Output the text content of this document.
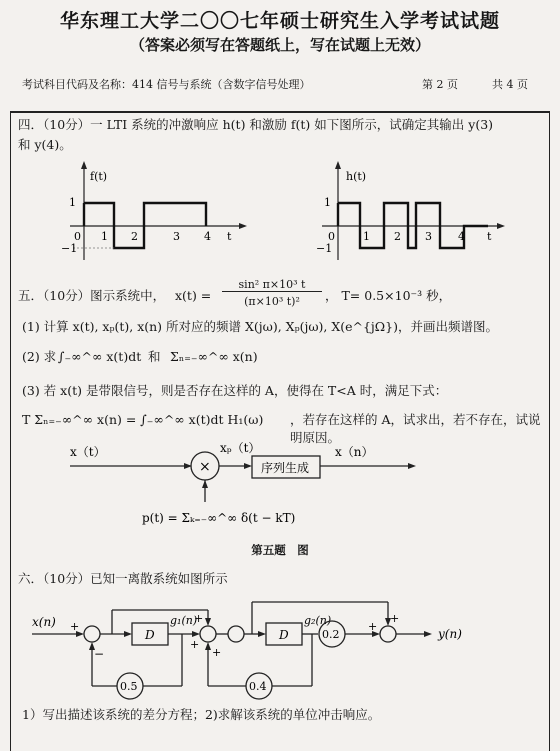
华东理工大学二〇〇七年硕士研究生入学考试试题
（答案必须写在答题纸上，写在试题上无效）
考试科目代码及名称：414 信号与系统（含数字信号处理）	第 2 页	共 4 页
四．（10分）一 LTI 系统的冲激响应 h(t) 和激励 f(t) 如下图所示，试确定其输出 y(3)
和 y(4)。
f(t)
1
−1
0 1 2	3 4 t
h(t)
1
−1
0	1 2 3 4 t
五．（10分）图示系统中， x(t) =
sin² π×10³ t
(π×10³ t)²	， T= 0.5×10⁻³ 秒，
(1) 计算 x(t), xₚ(t), x(n) 所对应的频谱 X(jω), Xₚ(jω), X(e^{jΩ})，并画出频谱图。
(2) 求 ∫₋∞^∞ x(t)dt 和 Σₙ₌₋∞^∞ x(n)
(3) 若 x(t) 是带限信号，则是否存在这样的 A，使得在 T<A 时，满足下式：
T Σₙ₌₋∞^∞ x(n) = ∫₋∞^∞ x(t)dt H₁(ω) ，若存在这样的 A，试求出，若不存在，试说明原因。
x（t）
×
xₚ（t）
序列生成
x（n）
p(t) = Σₖ₌₋∞^∞ δ(t − kT)
第五题　图
六．（10分）已知一离散系统如图所示
x(n) +
−
D
g₁(n)
+
+
+
D
g₂(n)
0.2
+
+
y(n)
0.5	0.4
1）写出描述该系统的差分方程；2)求解该系统的单位冲击响应。
